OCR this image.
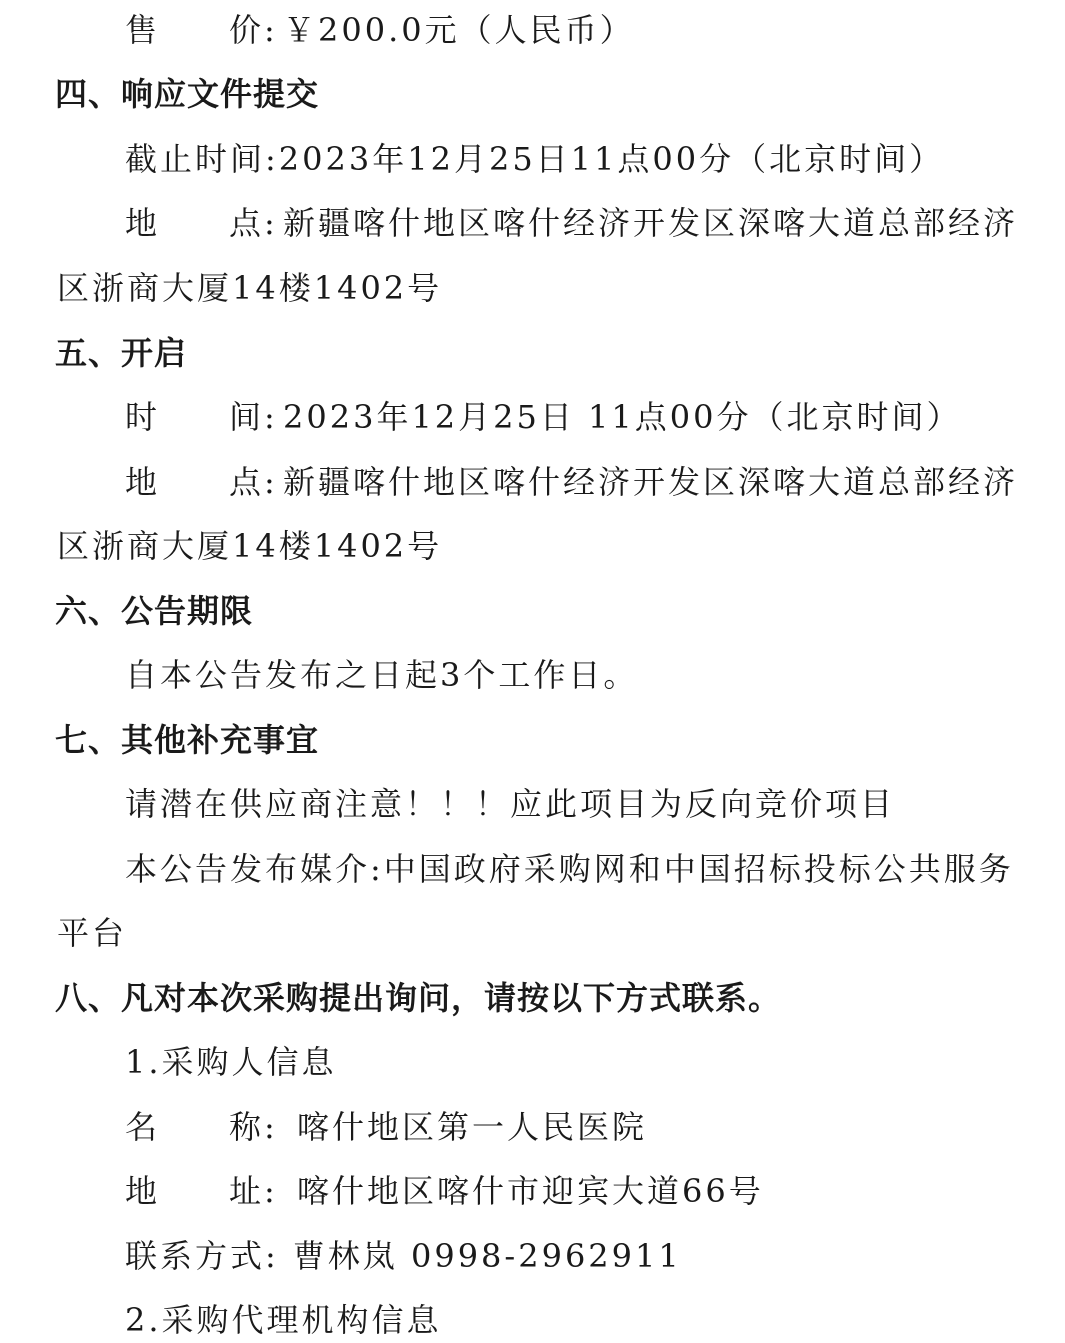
售 价: ￥200.0元（人民币）
四、响应文件提交
截止时间:2023年12月25日11点00分（北京时间）
地 点: 新疆喀什地区喀什经济开发区深喀大道总部经济
区浙商大厦14楼1402号
五、开启
时 间: 2023年12月25日 11点00分（北京时间）
地 点: 新疆喀什地区喀什经济开发区深喀大道总部经济
区浙商大厦14楼1402号
六、公告期限
自本公告发布之日起3个工作日。
七、其他补充事宜
请潜在供应商注意！！！应此项目为反向竞价项目
本公告发布媒介:中国政府采购网和中国招标投标公共服务
平台
八、凡对本次采购提出询问，请按以下方式联系。
1.采购人信息
名 称: 喀什地区第一人民医院
地 址: 喀什地区喀什市迎宾大道66号
联系方式: 曹林岚 0998-2962911
2.采购代理机构信息
